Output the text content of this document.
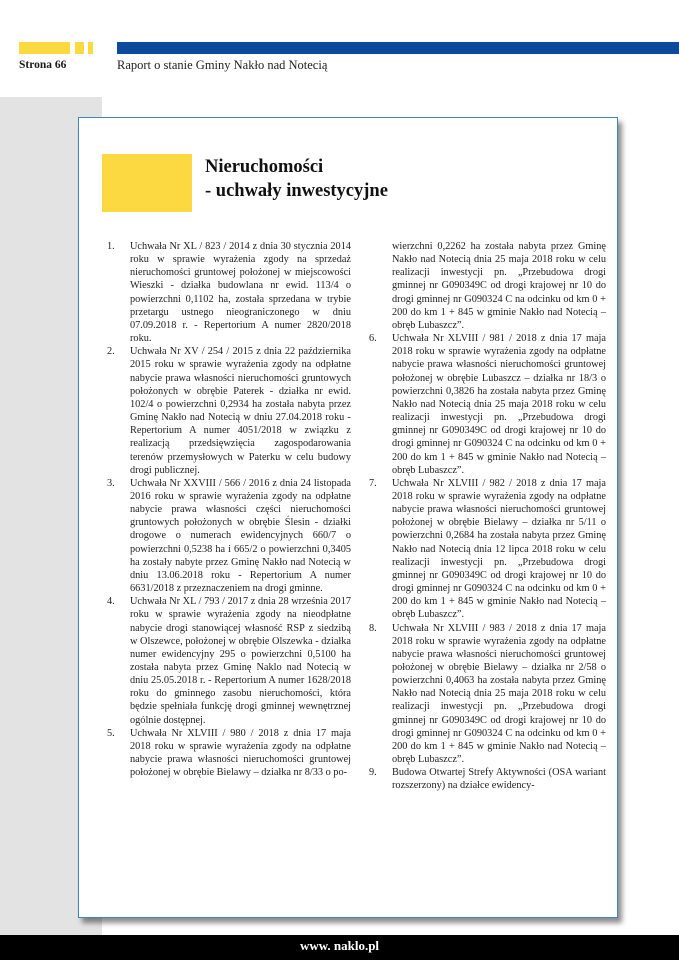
Strona 66	Raport o stanie Gminy Nakło nad Notecią
Nieruchomości
- uchwały inwestycyjne
1. Uchwała Nr XL / 823 / 2014 z dnia 30 stycznia 2014 roku w sprawie wyrażenia zgody na sprzedaż nieruchomości gruntowej położonej w miejscowości Wieszki - działka budowlana nr ewid. 113/4 o powierzchni 0,1102 ha, została sprzedana w trybie przetargu ustnego nieograniczonego w dniu 07.09.2018 r. - Repertorium A numer 2820/2018 roku.
2. Uchwała Nr XV / 254 / 2015 z dnia 22 października 2015 roku w sprawie wyrażenia zgody na odpłatne nabycie prawa własności nieruchomości gruntowych położonych w obrębie Paterek - działka nr ewid. 102/4 o powierzchni 0,2934 ha została nabyta przez Gminę Nakło nad Notecią w dniu 27.04.2018 roku - Repertorium A numer 4051/2018 w związku z realizacją przedsięwzięcia zagospodarowania terenów przemysłowych w Paterku w celu budowy drogi publicznej.
3. Uchwała Nr XXVIII / 566 / 2016 z dnia 24 listopada 2016 roku w sprawie wyrażenia zgody na odpłatne nabycie prawa własności części nieruchomości gruntowych położonych w obrębie Ślesin - działki drogowe o numerach ewidencyjnych 660/7 o powierzchni 0,5238 ha i 665/2 o powierzchni 0,3405 ha zostały nabyte przez Gminę Nakło nad Notecią w dniu 13.06.2018 roku - Repertorium A numer 6631/2018 z przeznaczeniem na drogi gminne.
4. Uchwała Nr XL / 793 / 2017 z dnia 28 września 2017 roku w sprawie wyrażenia zgody na nieodpłatne nabycie drogi stanowiącej własność RSP z siedzibą w Olszewce, położonej w obrębie Olszewka - działka numer ewidencyjny 295 o powierzchni 0,5100 ha została nabyta przez Gminę Naklo nad Notecią w dniu 25.05.2018 r. - Repertorium A numer 1628/2018 roku do gminnego zasobu nieruchomości, która będzie spełniała funkcję drogi gminnej wewnętrznej ogólnie dostępnej.
5. Uchwała Nr XLVIII / 980 / 2018 z dnia 17 maja 2018 roku w sprawie wyrażenia zgody na odpłatne nabycie prawa własności nieruchomości gruntowej położonej w obrębie Bielawy – działka nr 8/33 o po-
wierzchni 0,2262 ha została nabyta przez Gminę Nakło nad Notecią dnia 25 maja 2018 roku w celu realizacji inwestycji pn. „Przebudowa drogi gminnej nr G090349C od drogi krajowej nr 10 do drogi gminnej nr G090324 C na odcinku od km 0 + 200 do km 1 + 845 w gminie Nakło nad Notecią – obręb Lubaszcz”.
6. Uchwała Nr XLVIII / 981 / 2018 z dnia 17 maja 2018 roku w sprawie wyrażenia zgody na odpłatne nabycie prawa własności nieruchomości gruntowej położonej w obrębie Lubaszcz – działka nr 18/3 o powierzchni 0,3826 ha została nabyta przez Gminę Nakło nad Notecią dnia 25 maja 2018 roku w celu realizacji inwestycji pn. „Przebudowa drogi gminnej nr G090349C od drogi krajowej nr 10 do drogi gminnej nr G090324 C na odcinku od km 0 + 200 do km 1 + 845 w gminie Nakło nad Notecią – obręb Lubaszcz”.
7. Uchwała Nr XLVIII / 982 / 2018 z dnia 17 maja 2018 roku w sprawie wyrażenia zgody na odpłatne nabycie prawa własności nieruchomości gruntowej położonej w obrębie Bielawy – działka nr 5/11 o powierzchni 0,2684 ha została nabyta przez Gminę Nakło nad Notecią dnia 12 lipca 2018 roku w celu realizacji inwestycji pn. „Przebudowa drogi gminnej nr G090349C od drogi krajowej nr 10 do drogi gminnej nr G090324 C na odcinku od km 0 + 200 do km 1 + 845 w gminie Nakło nad Notecią – obręb Lubaszcz”.
8. Uchwała Nr XLVIII / 983 / 2018 z dnia 17 maja 2018 roku w sprawie wyrażenia zgody na odpłatne nabycie prawa własności nieruchomości gruntowej położonej w obrębie Bielawy – działka nr 2/58 o powierzchni 0,4063 ha została nabyta przez Gminę Nakło nad Notecią dnia 25 maja 2018 roku w celu realizacji inwestycji pn. „Przebudowa drogi gminnej nr G090349C od drogi krajowej nr 10 do drogi gminnej nr G090324 C na odcinku od km 0 + 200 do km 1 + 845 w gminie Nakło nad Notecią – obręb Lubaszcz”.
9. Budowa Otwartej Strefy Aktywności (OSA wariant rozszerzony) na działce ewidency-
www. naklo.pl
